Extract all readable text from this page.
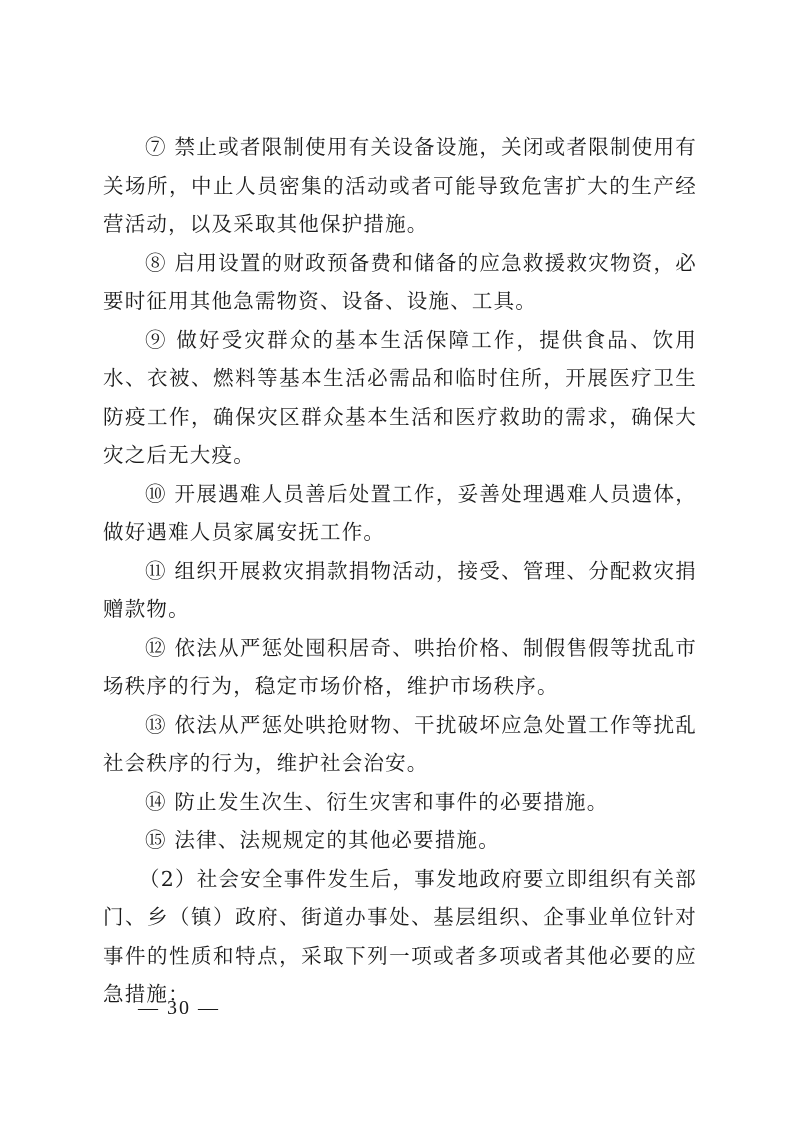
⑦ 禁止或者限制使用有关设备设施，关闭或者限制使用有关场所，中止人员密集的活动或者可能导致危害扩大的生产经营活动，以及采取其他保护措施。

⑧ 启用设置的财政预备费和储备的应急救援救灾物资，必要时征用其他急需物资、设备、设施、工具。

⑨ 做好受灾群众的基本生活保障工作，提供食品、饮用水、衣被、燃料等基本生活必需品和临时住所，开展医疗卫生防疫工作，确保灾区群众基本生活和医疗救助的需求，确保大灾之后无大疫。

⑩ 开展遇难人员善后处置工作，妥善处理遇难人员遗体，做好遇难人员家属安抚工作。

⑪ 组织开展救灾捐款捐物活动，接受、管理、分配救灾捐赠款物。

⑫ 依法从严惩处囤积居奇、哄抬价格、制假售假等扰乱市场秩序的行为，稳定市场价格，维护市场秩序。

⑬ 依法从严惩处哄抢财物、干扰破坏应急处置工作等扰乱社会秩序的行为，维护社会治安。

⑭ 防止发生次生、衍生灾害和事件的必要措施。

⑮ 法律、法规规定的其他必要措施。

（2）社会安全事件发生后，事发地政府要立即组织有关部门、乡（镇）政府、街道办事处、基层组织、企事业单位针对事件的性质和特点，采取下列一项或者多项或者其他必要的应急措施：

— 30 —
